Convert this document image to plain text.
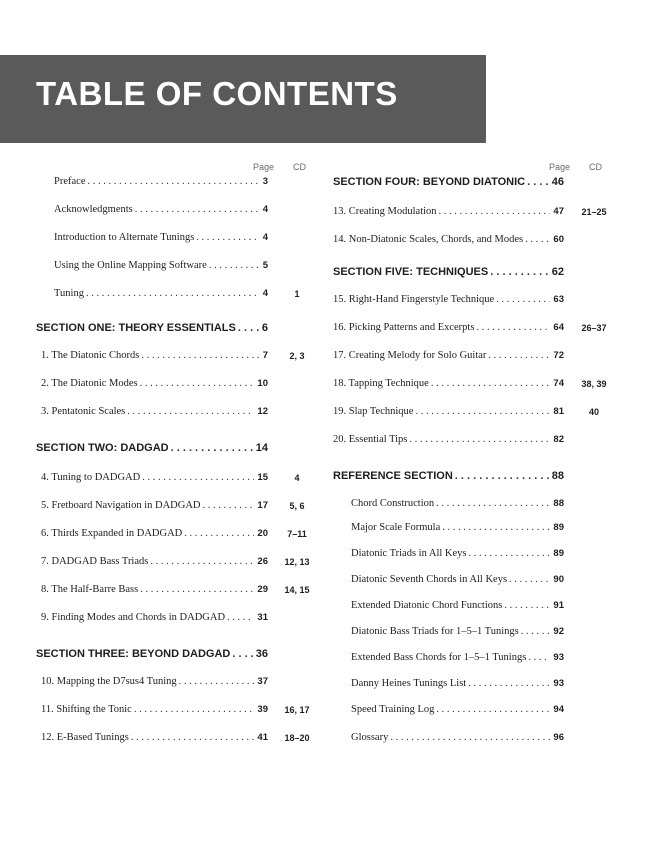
TABLE OF CONTENTS
Page CD	Page CD
Preface . . .	3
Acknowledgments . . .	4
Introduction to Alternate Tunings . . .	4
Using the Online Mapping Software . . .	5
Tuning . . .	4	1
SECTION ONE: THEORY ESSENTIALS . . . 6
1. The Diatonic Chords . . .	7	2, 3
2. The Diatonic Modes . . .	10
3. Pentatonic Scales . . .	12
SECTION TWO: DADGAD . . .	14
4. Tuning to DADGAD . . .	15	4
5. Fretboard Navigation in DADGAD . . .	17	5, 6
6. Thirds Expanded in DADGAD . . .	20	7–11
7. DADGAD Bass Triads . . .	26	12, 13
8. The Half-Barre Bass . . .	29	14, 15
9. Finding Modes and Chords in DADGAD . . .	31
SECTION THREE: BEYOND DADGAD . . . 36
10. Mapping the D7sus4 Tuning . . .	37
11. Shifting the Tonic . . .	39	16, 17
12. E-Based Tunings . . .	41	18–20
SECTION FOUR: BEYOND DIATONIC . . . 46
13. Creating Modulation . . .	47	21–25
14. Non-Diatonic Scales, Chords, and Modes . . .	60
SECTION FIVE: TECHNIQUES . . .	62
15. Right-Hand Fingerstyle Technique . . .	63
16. Picking Patterns and Excerpts . . .	64	26–37
17. Creating Melody for Solo Guitar . . .	72
18. Tapping Technique . . .	74	38, 39
19. Slap Technique . . .	81	40
20. Essential Tips . . .	82
REFERENCE SECTION . . .	88
Chord Construction . . .	88
Major Scale Formula . . .	89
Diatonic Triads in All Keys . . .	89
Diatonic Seventh Chords in All Keys . . .	90
Extended Diatonic Chord Functions . . .	91
Diatonic Bass Triads for 1–5–1 Tunings . . .	92
Extended Bass Chords for 1–5–1 Tunings . . .	93
Danny Heines Tunings List . . .	93
Speed Training Log . . .	94
Glossary . . .	96
